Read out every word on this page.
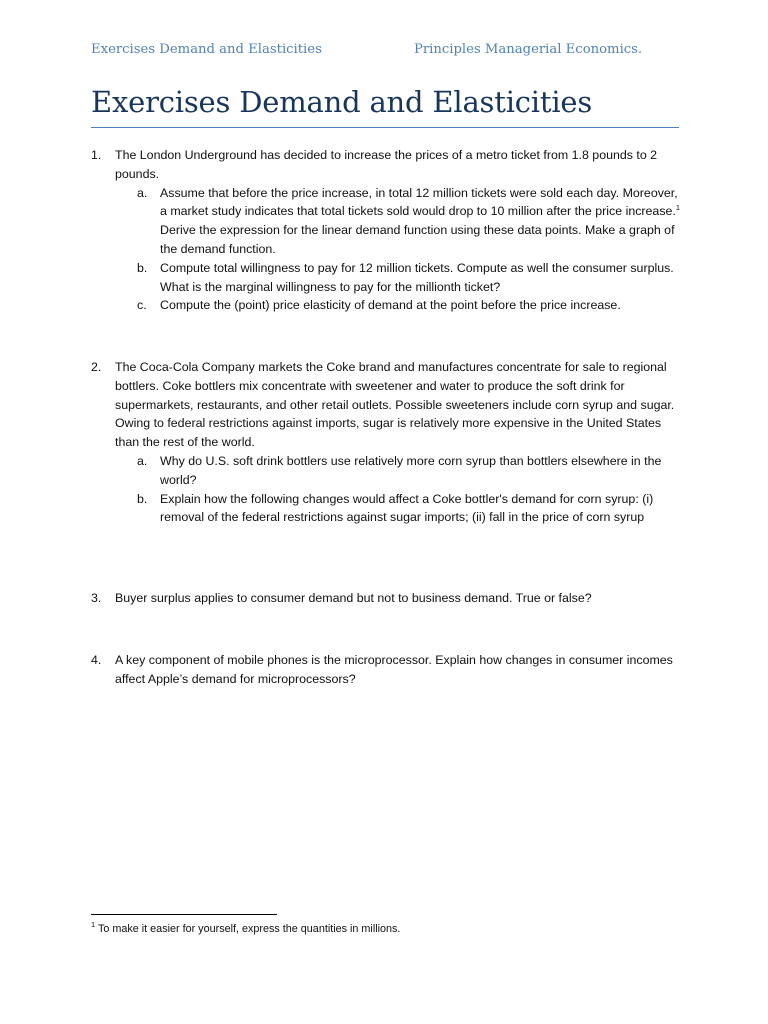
Exercises Demand and Elasticities	Principles Managerial Economics.
Exercises Demand and Elasticities
1. The London Underground has decided to increase the prices of a metro ticket from 1.8 pounds to 2 pounds.
a. Assume that before the price increase, in total 12 million tickets were sold each day. Moreover, a market study indicates that total tickets sold would drop to 10 million after the price increase.$^1$ Derive the expression for the linear demand function using these data points. Make a graph of the demand function.
b. Compute total willingness to pay for 12 million tickets. Compute as well the consumer surplus. What is the marginal willingness to pay for the millionth ticket?
c. Compute the (point) price elasticity of demand at the point before the price increase.
2. The Coca-Cola Company markets the Coke brand and manufactures concentrate for sale to regional bottlers. Coke bottlers mix concentrate with sweetener and water to produce the soft drink for supermarkets, restaurants, and other retail outlets. Possible sweeteners include corn syrup and sugar. Owing to federal restrictions against imports, sugar is relatively more expensive in the United States than the rest of the world.
a. Why do U.S. soft drink bottlers use relatively more corn syrup than bottlers elsewhere in the world?
b. Explain how the following changes would affect a Coke bottler's demand for corn syrup: (i) removal of the federal restrictions against sugar imports; (ii) fall in the price of corn syrup
3. Buyer surplus applies to consumer demand but not to business demand. True or false?
4. A key component of mobile phones is the microprocessor. Explain how changes in consumer incomes affect Apple’s demand for microprocessors?
$^1$ To make it easier for yourself, express the quantities in millions.
